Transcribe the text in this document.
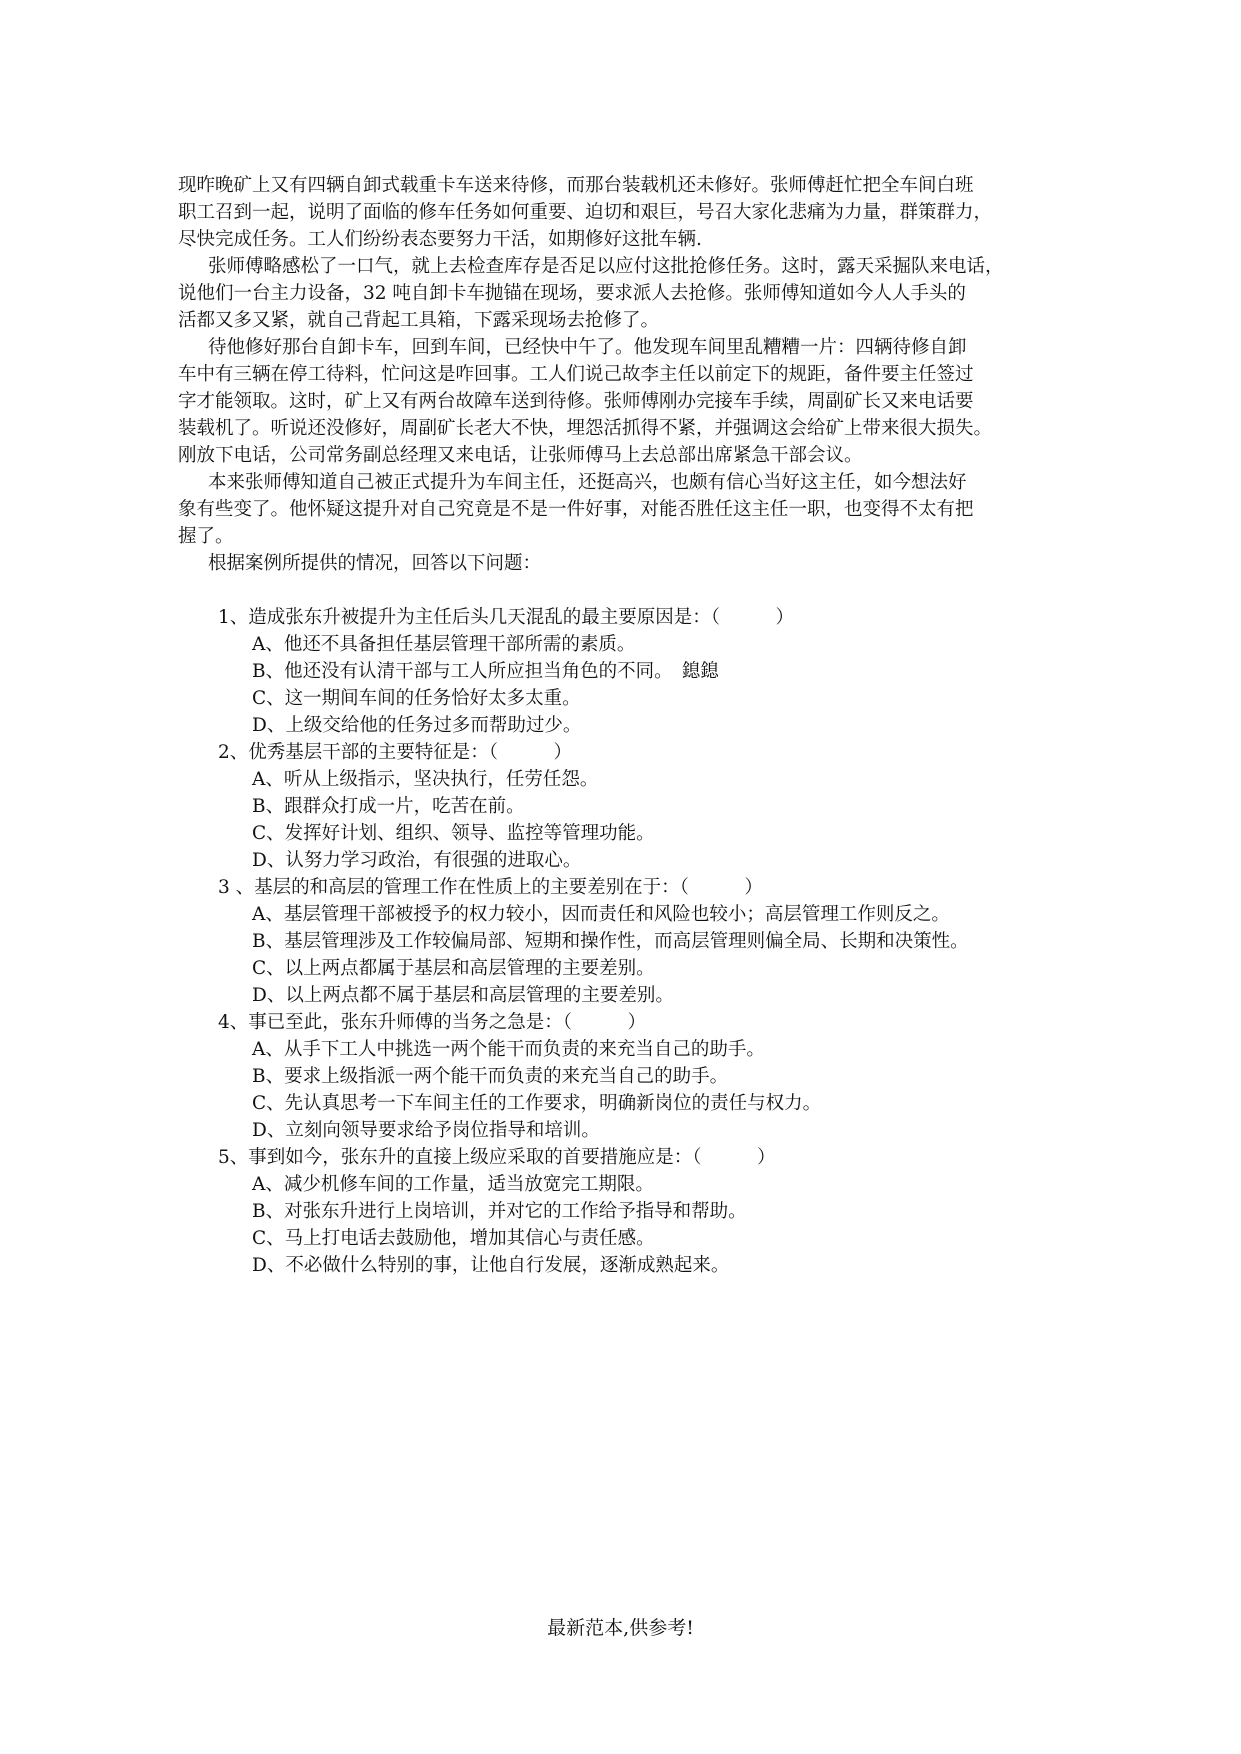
现昨晚矿上又有四辆自卸式载重卡车送来待修，而那台装载机还未修好。张师傅赶忙把全车间白班
职工召到一起，说明了面临的修车任务如何重要、迫切和艰巨，号召大家化悲痛为力量，群策群力，
尽快完成任务。工人们纷纷表态要努力干活，如期修好这批车辆.
张师傅略感松了一口气，就上去检查库存是否足以应付这批抢修任务。这时，露天采掘队来电话，
说他们一台主力设备，32 吨自卸卡车抛锚在现场，要求派人去抢修。张师傅知道如今人人手头的
活都又多又紧，就自己背起工具箱，下露采现场去抢修了。
待他修好那台自卸卡车，回到车间，已经快中午了。他发现车间里乱糟糟一片：四辆待修自卸
车中有三辆在停工待料，忙问这是咋回事。工人们说己故李主任以前定下的规距，备件要主任签过
字才能领取。这时，矿上又有两台故障车送到待修。张师傅刚办完接车手续，周副矿长又来电话要
装载机了。听说还没修好，周副矿长老大不快，埋怨活抓得不紧，并强调这会给矿上带来很大损失。
刚放下电话，公司常务副总经理又来电话，让张师傅马上去总部出席紧急干部会议。
本来张师傅知道自己被正式提升为车间主任，还挺高兴，也颇有信心当好这主任，如今想法好
象有些变了。他怀疑这提升对自己究竟是不是一件好事，对能否胜任这主任一职，也变得不太有把
握了。
根据案例所提供的情况，回答以下问题：
1、造成张东升被提升为主任后头几天混乱的最主要原因是：（　　　）
A、他还不具备担任基层管理干部所需的素质。
B、他还没有认清干部与工人所应担当角色的不同。　鎴鎴
C、这一期间车间的任务恰好太多太重。
D、上级交给他的任务过多而帮助过少。
2、优秀基层干部的主要特征是：（　　　）
A、听从上级指示，坚决执行，任劳任怨。
B、跟群众打成一片，吃苦在前。
C、发挥好计划、组织、领导、监控等管理功能。
D、认努力学习政治，有很强的进取心。
3 、基层的和高层的管理工作在性质上的主要差别在于：（　　　）
A、基层管理干部被授予的权力较小，因而责任和风险也较小；高层管理工作则反之。
B、基层管理涉及工作较偏局部、短期和操作性，而高层管理则偏全局、长期和决策性。
C、以上两点都属于基层和高层管理的主要差别。
D、以上两点都不属于基层和高层管理的主要差别。
4、事已至此，张东升师傅的当务之急是：（　　　）
A、从手下工人中挑选一两个能干而负责的来充当自己的助手。
B、要求上级指派一两个能干而负责的来充当自己的助手。
C、先认真思考一下车间主任的工作要求，明确新岗位的责任与权力。
D、立刻向领导要求给予岗位指导和培训。
5、事到如今，张东升的直接上级应采取的首要措施应是：（　　　）
A、减少机修车间的工作量，适当放宽完工期限。
B、对张东升进行上岗培训，并对它的工作给予指导和帮助。
C、马上打电话去鼓励他，增加其信心与责任感。
D、不必做什么特别的事，让他自行发展，逐渐成熟起来。
最新范本,供参考!
